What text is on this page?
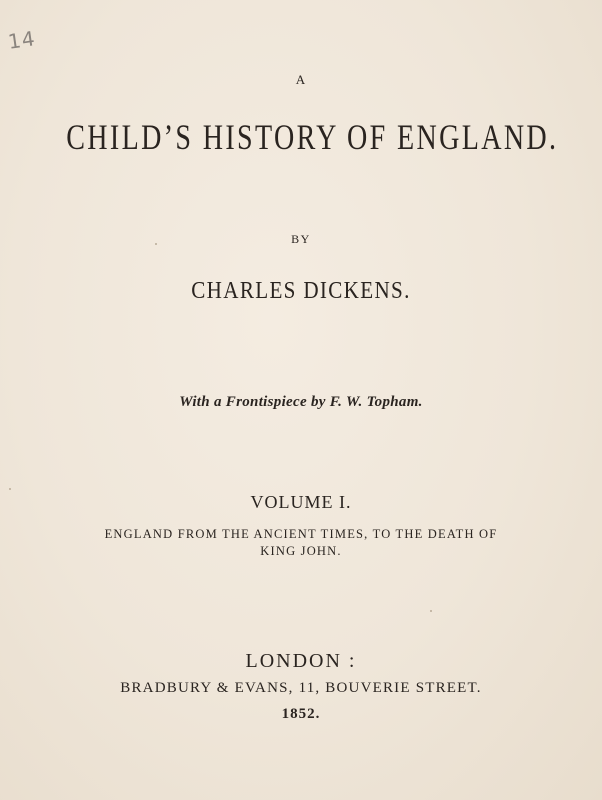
14

A

CHILD’S HISTORY OF ENGLAND.

BY

CHARLES DICKENS.

With a Frontispiece by F. W. Topham.

VOLUME I.

ENGLAND FROM THE ANCIENT TIMES, TO THE DEATH OF

KING JOHN.

LONDON :

BRADBURY & EVANS, 11, BOUVERIE STREET.

1852.
